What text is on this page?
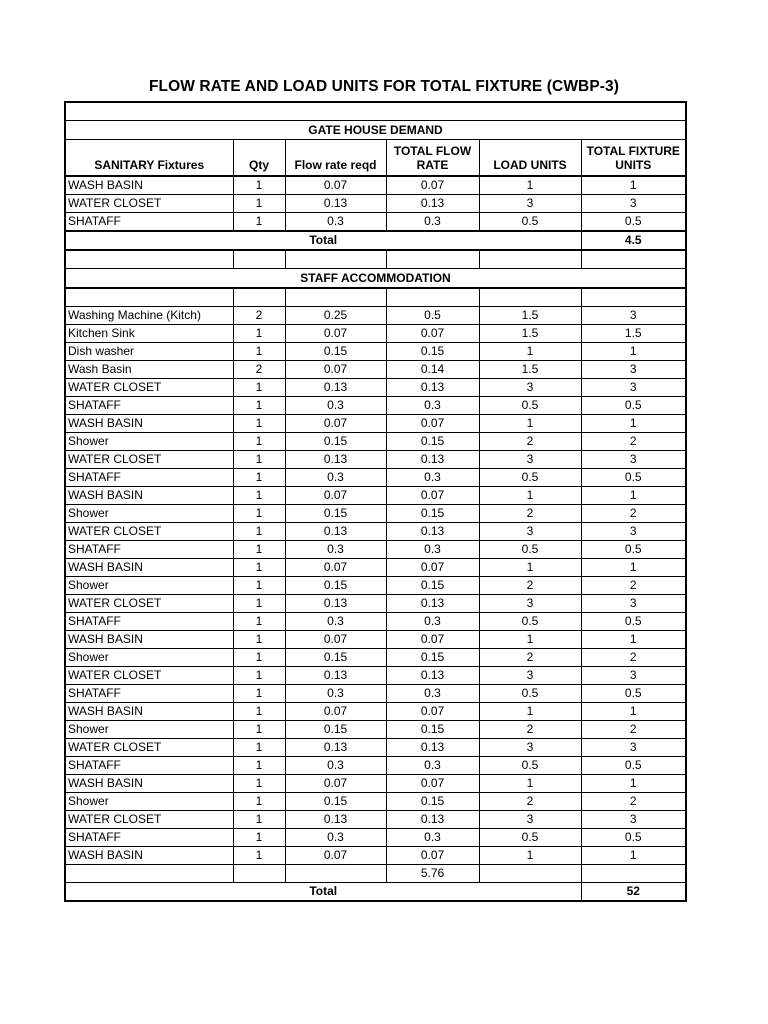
FLOW RATE AND LOAD UNITS FOR TOTAL FIXTURE (CWBP-3)

GATE HOUSE DEMAND					
SANITARY Fixtures	Qty	Flow rate reqd	TOTAL FLOW RATE	LOAD UNITS	TOTAL FIXTURE UNITS
WASH BASIN	1	0.07	0.07	1	1
WATER CLOSET	1	0.13	0.13	3	3
SHATAFF	1	0.3	0.3	0.5	0.5
Total					4.5

STAFF ACCOMMODATION					

Washing Machine (Kitch)	2	0.25	0.5	1.5	3
Kitchen Sink	1	0.07	0.07	1.5	1.5
Dish washer	1	0.15	0.15	1	1
Wash Basin	2	0.07	0.14	1.5	3
WATER CLOSET	1	0.13	0.13	3	3
SHATAFF	1	0.3	0.3	0.5	0.5
WASH BASIN	1	0.07	0.07	1	1
Shower	1	0.15	0.15	2	2
WATER CLOSET	1	0.13	0.13	3	3
SHATAFF	1	0.3	0.3	0.5	0.5
WASH BASIN	1	0.07	0.07	1	1
Shower	1	0.15	0.15	2	2
WATER CLOSET	1	0.13	0.13	3	3
SHATAFF	1	0.3	0.3	0.5	0.5
WASH BASIN	1	0.07	0.07	1	1
Shower	1	0.15	0.15	2	2
WATER CLOSET	1	0.13	0.13	3	3
SHATAFF	1	0.3	0.3	0.5	0.5
WASH BASIN	1	0.07	0.07	1	1
Shower	1	0.15	0.15	2	2
WATER CLOSET	1	0.13	0.13	3	3
SHATAFF	1	0.3	0.3	0.5	0.5
WASH BASIN	1	0.07	0.07	1	1
Shower	1	0.15	0.15	2	2
WATER CLOSET	1	0.13	0.13	3	3
SHATAFF	1	0.3	0.3	0.5	0.5
WASH BASIN	1	0.07	0.07	1	1
Shower	1	0.15	0.15	2	2
WATER CLOSET	1	0.13	0.13	3	3
SHATAFF	1	0.3	0.3	0.5	0.5
WASH BASIN	1	0.07	0.07	1	1
			5.76		
Total					52
